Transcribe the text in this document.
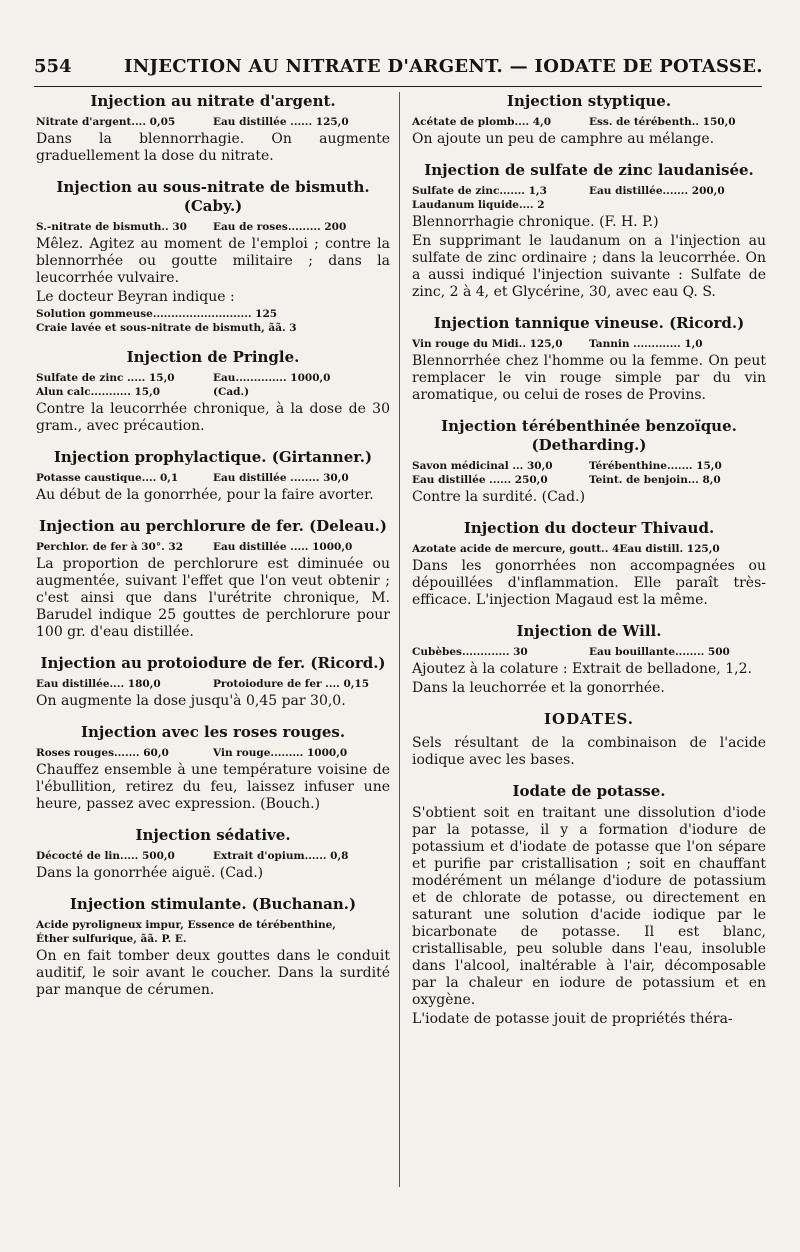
554	INJECTION AU NITRATE D'ARGENT. — IODATE DE POTASSE.
Injection au nitrate d'argent.
Nitrate d'argent.... 0,05	Eau distillée ...... 125,0

Dans la blennorrhagie. On augmente graduellement la dose du nitrate.

Injection au sous-nitrate de bismuth. (Caby.)
S.-nitrate de bismuth.. 30	Eau de roses......... 200

Mêlez. Agitez au moment de l'emploi ; contre la blennorrhée ou goutte militaire ; dans la leucorrhée vulvaire.

Le docteur Beyran indique :

Solution gommeuse........................... 125
Craie lavée et sous-nitrate de bismuth, ãã. 3
Injection de Pringle.
Sulfate de zinc ..... 15,0	Eau.............. 1000,0
Alun calc........... 15,0	(Cad.)

Contre la leucorrhée chronique, à la dose de 30 gram., avec précaution.

Injection prophylactique. (Girtanner.)
Potasse caustique.... 0,1	Eau distillée ........ 30,0

Au début de la gonorrhée, pour la faire avorter.

Injection au perchlorure de fer. (Deleau.)
Perchlor. de fer à 30°. 32	Eau distillée ..... 1000,0

La proportion de perchlorure est diminuée ou augmentée, suivant l'effet que l'on veut obtenir ; c'est ainsi que dans l'urétrite chronique, M. Barudel indique 25 gouttes de perchlorure pour 100 gr. d'eau distillée.

Injection au protoiodure de fer. (Ricord.)
Eau distillée.... 180,0	Protoiodure de fer .... 0,15

On augmente la dose jusqu'à 0,45 par 30,0.

Injection avec les roses rouges.
Roses rouges....... 60,0	Vin rouge......... 1000,0

Chauffez ensemble à une température voisine de l'ébullition, retirez du feu, laissez infuser une heure, passez avec expression. (Bouch.)

Injection sédative.
Décocté de lin..... 500,0	Extrait d'opium...... 0,8

Dans la gonorrhée aiguë. (Cad.)

Injection stimulante. (Buchanan.)
Acide pyroligneux impur, Essence de térébenthine,
Éther sulfurique, ãã. P. E.

On en fait tomber deux gouttes dans le conduit auditif, le soir avant le coucher. Dans la surdité par manque de cérumen.

Injection styptique.
Acétate de plomb.... 4,0	Ess. de térébenth.. 150,0

On ajoute un peu de camphre au mélange.

Injection de sulfate de zinc laudanisée.
Sulfate de zinc....... 1,3	Eau distillée....... 200,0
Laudanum liquide.... 2

Blennorrhagie chronique. (F. H. P.)

En supprimant le laudanum on a l'injection au sulfate de zinc ordinaire ; dans la leucorrhée. On a aussi indiqué l'injection suivante : Sulfate de zinc, 2 à 4, et Glycérine, 30, avec eau Q. S.

Injection tannique vineuse. (Ricord.)
Vin rouge du Midi.. 125,0	Tannin ............. 1,0

Blennorrhée chez l'homme ou la femme. On peut remplacer le vin rouge simple par du vin aromatique, ou celui de roses de Provins.

Injection térébenthinée benzoïque. (Detharding.)
Savon médicinal ... 30,0	Térébenthine....... 15,0
Eau distillée ...... 250,0	Teint. de benjoin... 8,0

Contre la surdité. (Cad.)

Injection du docteur Thivaud.
Azotate acide de mercure, goutt.. 4 Eau distill. 125,0

Dans les gonorrhées non accompagnées ou dépouillées d'inflammation. Elle paraît très-efficace. L'injection Magaud est la même.

Injection de Will.
Cubèbes............. 30	Eau bouillante........ 500

Ajoutez à la colature : Extrait de belladone, 1,2.

Dans la leuchorrée et la gonorrhée.

IODATES.

Sels résultant de la combinaison de l'acide iodique avec les bases.

Iodate de potasse.

S'obtient soit en traitant une dissolution d'iode par la potasse, il y a formation d'iodure de potassium et d'iodate de potasse que l'on sépare et purifie par cristallisation ; soit en chauffant modérément un mélange d'iodure de potassium et de chlorate de potasse, ou directement en saturant une solution d'acide iodique par le bicarbonate de potasse. Il est blanc, cristallisable, peu soluble dans l'eau, insoluble dans l'alcool, inaltérable à l'air, décomposable par la chaleur en iodure de potassium et en oxygène.

L'iodate de potasse jouit de propriétés théra-
